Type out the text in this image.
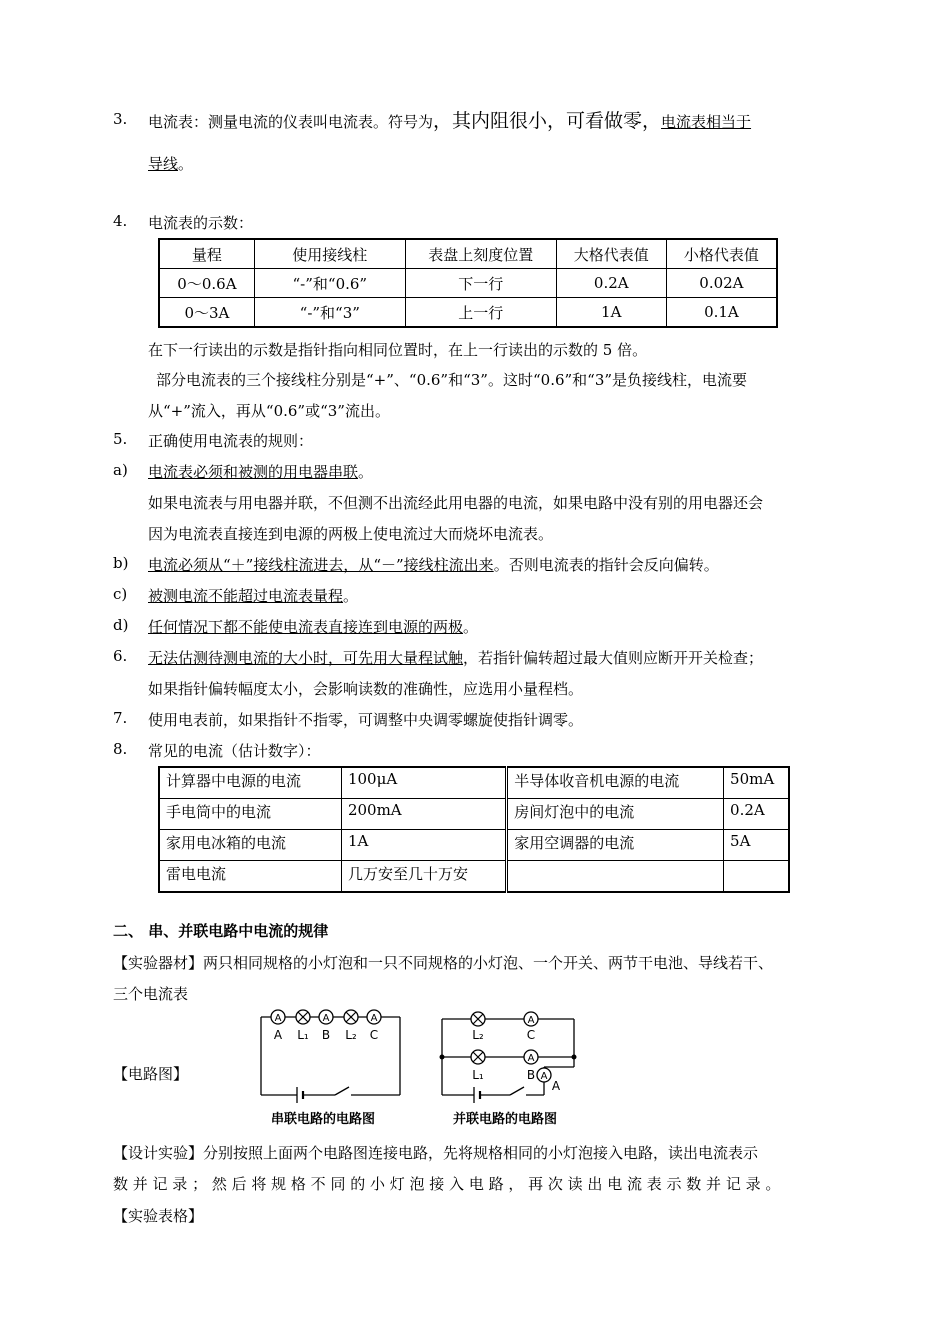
3. 电流表：测量电流的仪表叫电流表。符号为，其内阻很小，可看做零，电流表相当于
导线。
4. 电流表的示数：
量程	使用接线柱	表盘上刻度位置	大格代表值	小格代表值
0～0.6A	“-”和“0.6”	下一行	0.2A	0.02A
0～3A	“-”和“3”	上一行	1A	0.1A
在下一行读出的示数是指针指向相同位置时，在上一行读出的示数的 5 倍。
部分电流表的三个接线柱分别是“+”、“0.6”和“3”。这时“0.6”和“3”是负接线柱，电流要
从“+”流入，再从“0.6”或“3”流出。
5. 正确使用电流表的规则：
a) 电流表必须和被测的用电器串联。
如果电流表与用电器并联，不但测不出流经此用电器的电流，如果电路中没有别的用电器还会
因为电流表直接连到电源的两极上使电流过大而烧坏电流表。
b) 电流必须从“＋”接线柱流进去，从“－”接线柱流出来。否则电流表的指针会反向偏转。
c) 被测电流不能超过电流表量程。
d) 任何情况下都不能使电流表直接连到电源的两极。
6. 无法估测待测电流的大小时，可先用大量程试触，若指针偏转超过最大值则应断开开关检查；
如果指针偏转幅度太小，会影响读数的准确性，应选用小量程档。
7. 使用电表前，如果指针不指零，可调整中央调零螺旋使指针调零。
8. 常见的电流（估计数字）：
计算器中电源的电流	100μA	半导体收音机电源的电流	50mA
手电筒中的电流	200mA	房间灯泡中的电流	0.2A
家用电冰箱的电流	1A	家用空调器的电流	5A
雷电电流	几万安至几十万安		
二、 串、并联电路中电流的规律
【实验器材】两只相同规格的小灯泡和一只不同规格的小灯泡、一个开关、两节干电池、导线若干、
三个电流表
【电路图】
A	A	A
A L₁ B L₂ C
串联电路的电路图
A
A
A
L₂	C
L₁	B
A
并联电路的电路图
【设计实验】分别按照上面两个电路图连接电路，先将规格相同的小灯泡接入电路，读出电流表示
数 并 记 录 ； 然 后 将 规 格 不 同 的 小 灯 泡 接 入 电 路 ， 再 次 读 出 电 流 表 示 数 并 记 录 。
【实验表格】
